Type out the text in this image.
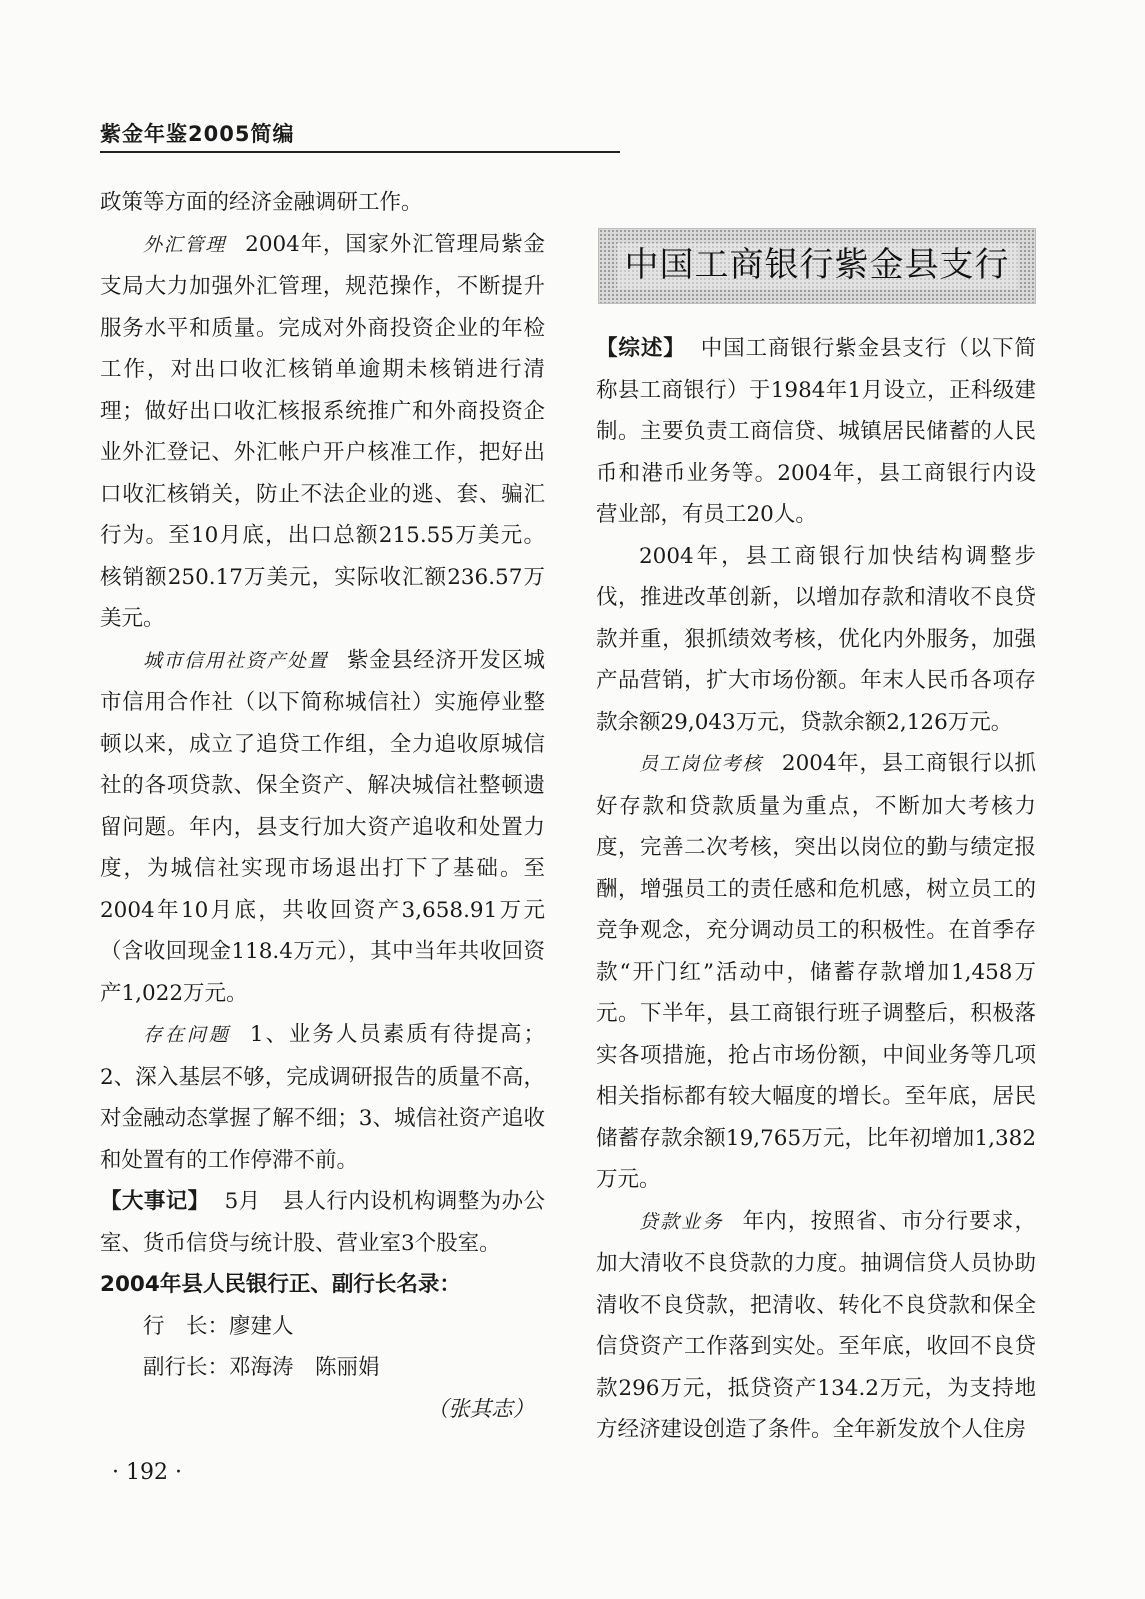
紫金年鉴2005简编

政策等方面的经济金融调研工作。

外汇管理 2004年，国家外汇管理局紫金支局大力加强外汇管理，规范操作，不断提升服务水平和质量。完成对外商投资企业的年检工作，对出口收汇核销单逾期未核销进行清理；做好出口收汇核报系统推广和外商投资企业外汇登记、外汇帐户开户核准工作，把好出口收汇核销关，防止不法企业的逃、套、骗汇行为。至10月底，出口总额215.55万美元。核销额250.17万美元，实际收汇额236.57万美元。

城市信用社资产处置 紫金县经济开发区城市信用合作社（以下简称城信社）实施停业整顿以来，成立了追贷工作组，全力追收原城信社的各项贷款、保全资产、解决城信社整顿遗留问题。年内，县支行加大资产追收和处置力度，为城信社实现市场退出打下了基础。至2004年10月底，共收回资产3,658.91万元（含收回现金118.4万元），其中当年共收回资产1,022万元。

存在问题 1、业务人员素质有待提高；2、深入基层不够，完成调研报告的质量不高，对金融动态掌握了解不细；3、城信社资产追收和处置有的工作停滞不前。

【大事记】 5月　县人行内设机构调整为办公室、货币信贷与统计股、营业室3个股室。

2004年县人民银行正、副行长名录：

行　长：廖建人

副行长：邓海涛　陈丽娟

（张其志）

中国工商银行紫金县支行

【综述】 中国工商银行紫金县支行（以下简称县工商银行）于1984年1月设立，正科级建制。主要负责工商信贷、城镇居民储蓄的人民币和港币业务等。2004年，县工商银行内设营业部，有员工20人。

2004年，县工商银行加快结构调整步伐，推进改革创新，以增加存款和清收不良贷款并重，狠抓绩效考核，优化内外服务，加强产品营销，扩大市场份额。年末人民币各项存款余额29,043万元，贷款余额2,126万元。

员工岗位考核 2004年，县工商银行以抓好存款和贷款质量为重点，不断加大考核力度，完善二次考核，突出以岗位的勤与绩定报酬，增强员工的责任感和危机感，树立员工的竞争观念，充分调动员工的积极性。在首季存款“开门红”活动中，储蓄存款增加1,458万元。下半年，县工商银行班子调整后，积极落实各项措施，抢占市场份额，中间业务等几项相关指标都有较大幅度的增长。至年底，居民储蓄存款余额19,765万元，比年初增加1,382万元。

贷款业务 年内，按照省、市分行要求，加大清收不良贷款的力度。抽调信贷人员协助清收不良贷款，把清收、转化不良贷款和保全信贷资产工作落到实处。至年底，收回不良贷款296万元，抵贷资产134.2万元，为支持地方经济建设创造了条件。全年新发放个人住房

· 192 ·
